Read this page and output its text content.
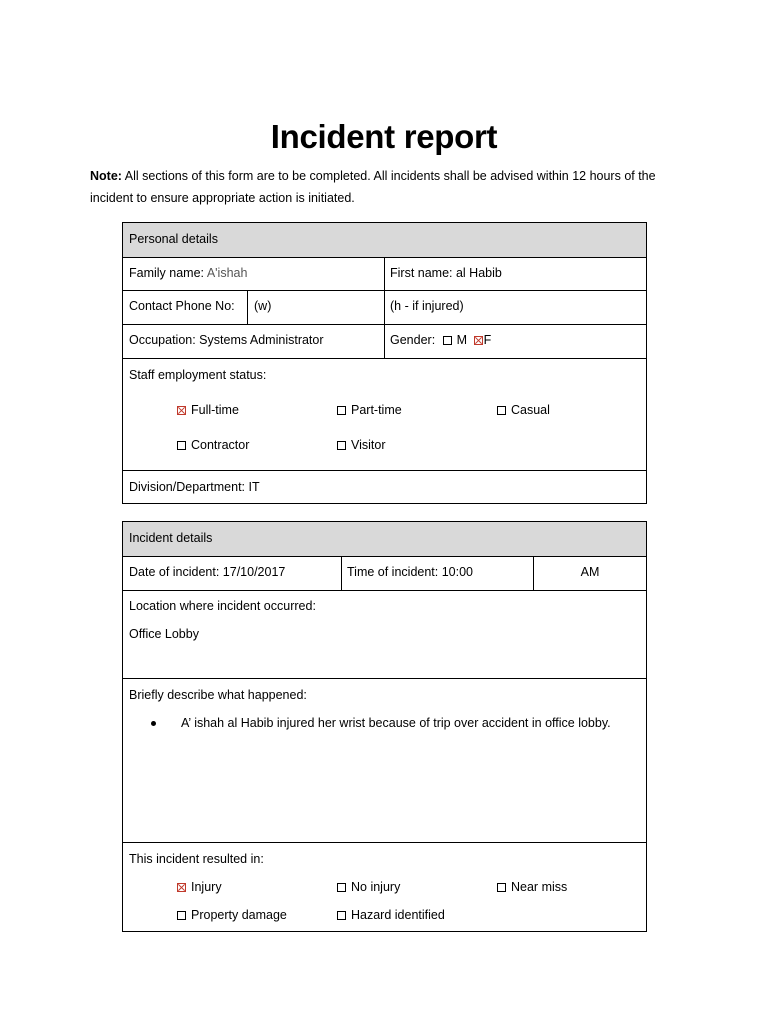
Incident report
Note: All sections of this form are to be completed. All incidents shall be advised within 12 hours of the
incident to ensure appropriate action is initiated.
Personal details
Family name: A'ishah	First name: al Habib
Contact Phone No:	(w)	(h - if injured)
Occupation: Systems Administrator	Gender: M F
Staff employment status:
Full-time	Part-time	Casual
Contractor	Visitor
Division/Department: IT
Incident details
Date of incident: 17/10/2017	Time of incident: 10:00	AM
Location where incident occurred:
Office Lobby
Briefly describe what happened:
A’ ishah al Habib injured her wrist because of trip over accident in office lobby.
This incident resulted in:
Injury	No injury	Near miss
Property damage	Hazard identified
